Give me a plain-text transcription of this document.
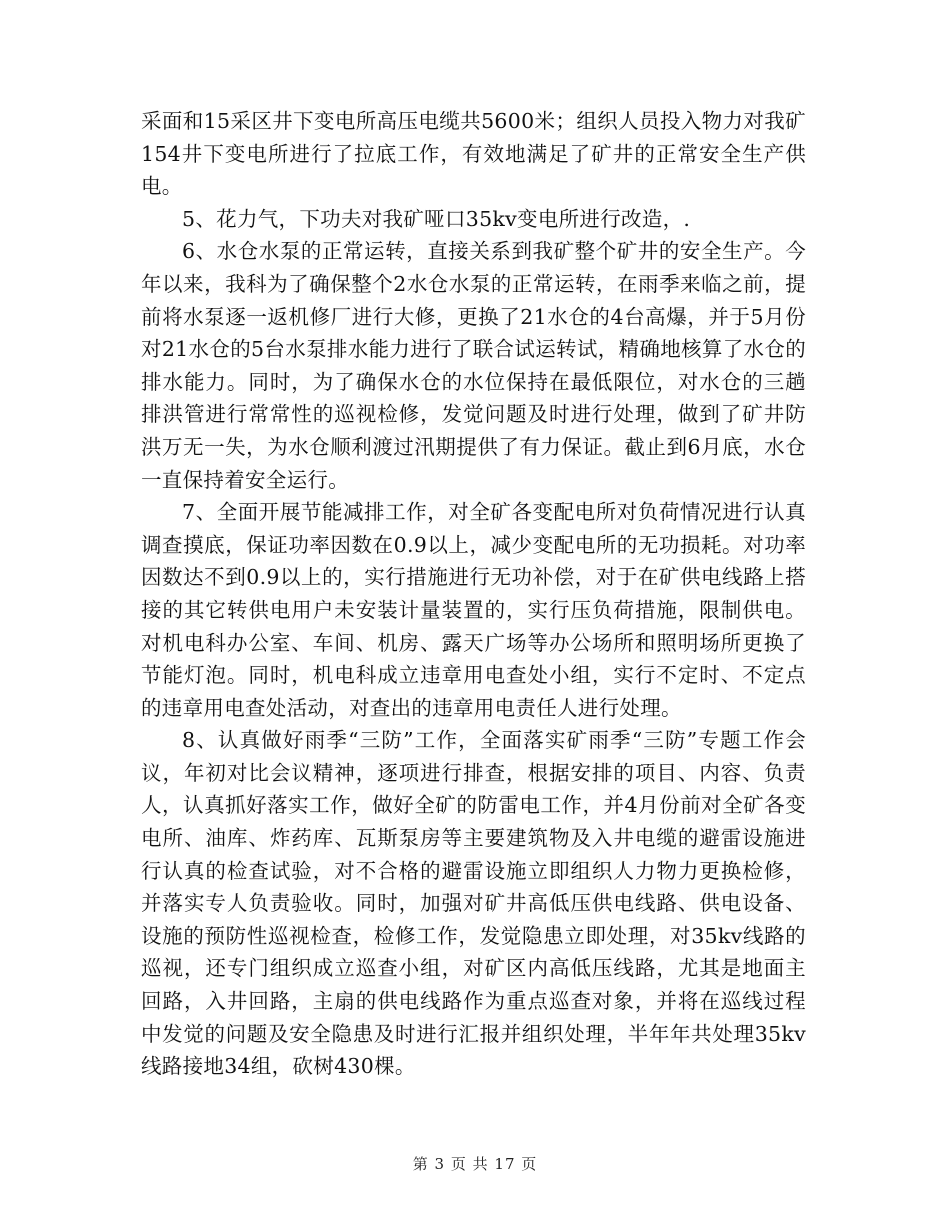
采面和15采区井下变电所高压电缆共5600米；组织人员投入物力对我矿154井下变电所进行了拉底工作，有效地满足了矿井的正常安全生产供电。

5、花力气，下功夫对我矿哑口35kv变电所进行改造，.

6、水仓水泵的正常运转，直接关系到我矿整个矿井的安全生产。今年以来，我科为了确保整个2水仓水泵的正常运转，在雨季来临之前，提前将水泵逐一返机修厂进行大修，更换了21水仓的4台高爆，并于5月份对21水仓的5台水泵排水能力进行了联合试运转试，精确地核算了水仓的排水能力。同时，为了确保水仓的水位保持在最低限位，对水仓的三趟排洪管进行常常性的巡视检修，发觉问题及时进行处理，做到了矿井防洪万无一失，为水仓顺利渡过汛期提供了有力保证。截止到6月底，水仓一直保持着安全运行。

7、全面开展节能减排工作，对全矿各变配电所对负荷情况进行认真调查摸底，保证功率因数在0.9以上，减少变配电所的无功损耗。对功率因数达不到0.9以上的，实行措施进行无功补偿，对于在矿供电线路上搭接的其它转供电用户未安装计量装置的，实行压负荷措施，限制供电。对机电科办公室、车间、机房、露天广场等办公场所和照明场所更换了节能灯泡。同时，机电科成立违章用电查处小组，实行不定时、不定点的违章用电查处活动，对查出的违章用电责任人进行处理。

8、认真做好雨季“三防”工作，全面落实矿雨季“三防”专题工作会议，年初对比会议精神，逐项进行排查，根据安排的项目、内容、负责人，认真抓好落实工作，做好全矿的防雷电工作，并4月份前对全矿各变电所、油库、炸药库、瓦斯泵房等主要建筑物及入井电缆的避雷设施进行认真的检查试验，对不合格的避雷设施立即组织人力物力更换检修，并落实专人负责验收。同时，加强对矿井高低压供电线路、供电设备、设施的预防性巡视检查，检修工作，发觉隐患立即处理，对35kv线路的巡视，还专门组织成立巡查小组，对矿区内高低压线路，尤其是地面主回路，入井回路，主扇的供电线路作为重点巡查对象，并将在巡线过程中发觉的问题及安全隐患及时进行汇报并组织处理，半年年共处理35kv线路接地34组，砍树430棵。

第 3 页 共 17 页
